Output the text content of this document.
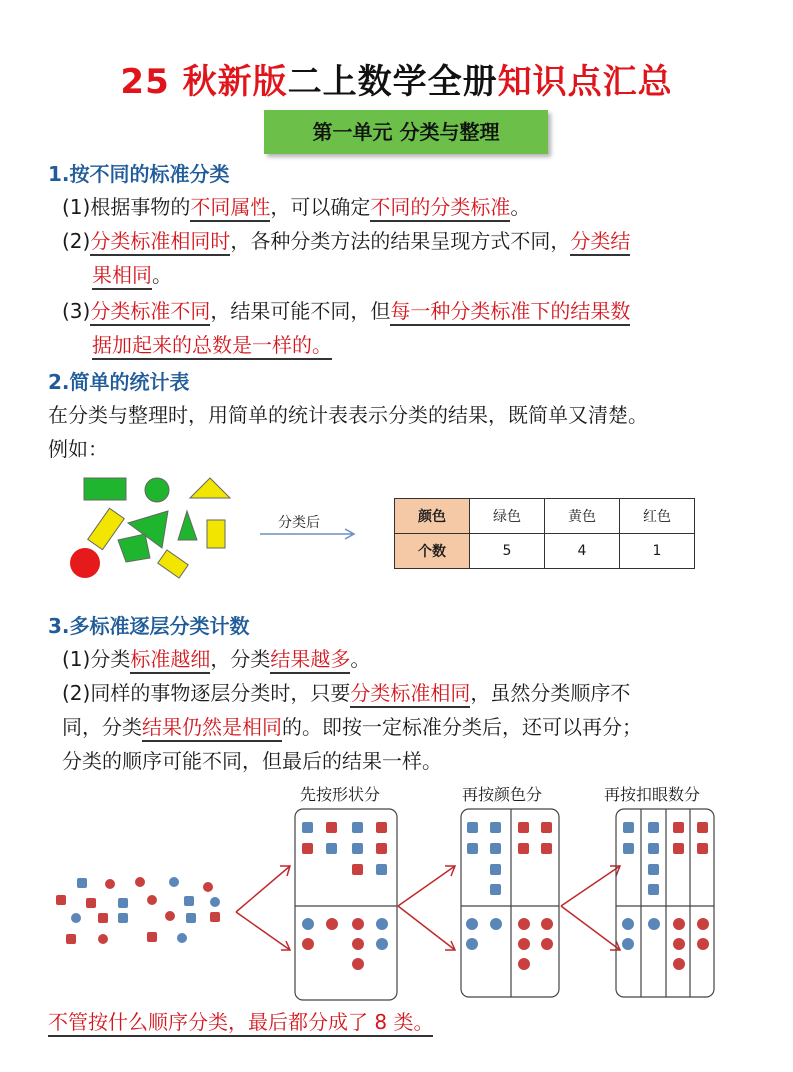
25 秋新版二上数学全册知识点汇总
第一单元 分类与整理
1.按不同的标准分类
(1)根据事物的不同属性，可以确定不同的分类标准。
(2)分类标准相同时，各种分类方法的结果呈现方式不同，分类结
果相同。
(3)分类标准不同，结果可能不同，但每一种分类标准下的结果数
据加起来的总数是一样的。
2.简单的统计表
在分类与整理时，用简单的统计表表示分类的结果，既简单又清楚。
例如：
分类后	颜色	绿色	黄色	红色
个数	5	4	1
3.多标准逐层分类计数
(1)分类标准越细，分类结果越多。
(2)同样的事物逐层分类时，只要分类标准相同，虽然分类顺序不
同，分类结果仍然是相同的。即按一定标准分类后，还可以再分；
分类的顺序可能不同，但最后的结果一样。
先按形状分	再按颜色分	再按扣眼数分
不管按什么顺序分类，最后都分成了 8 类。
